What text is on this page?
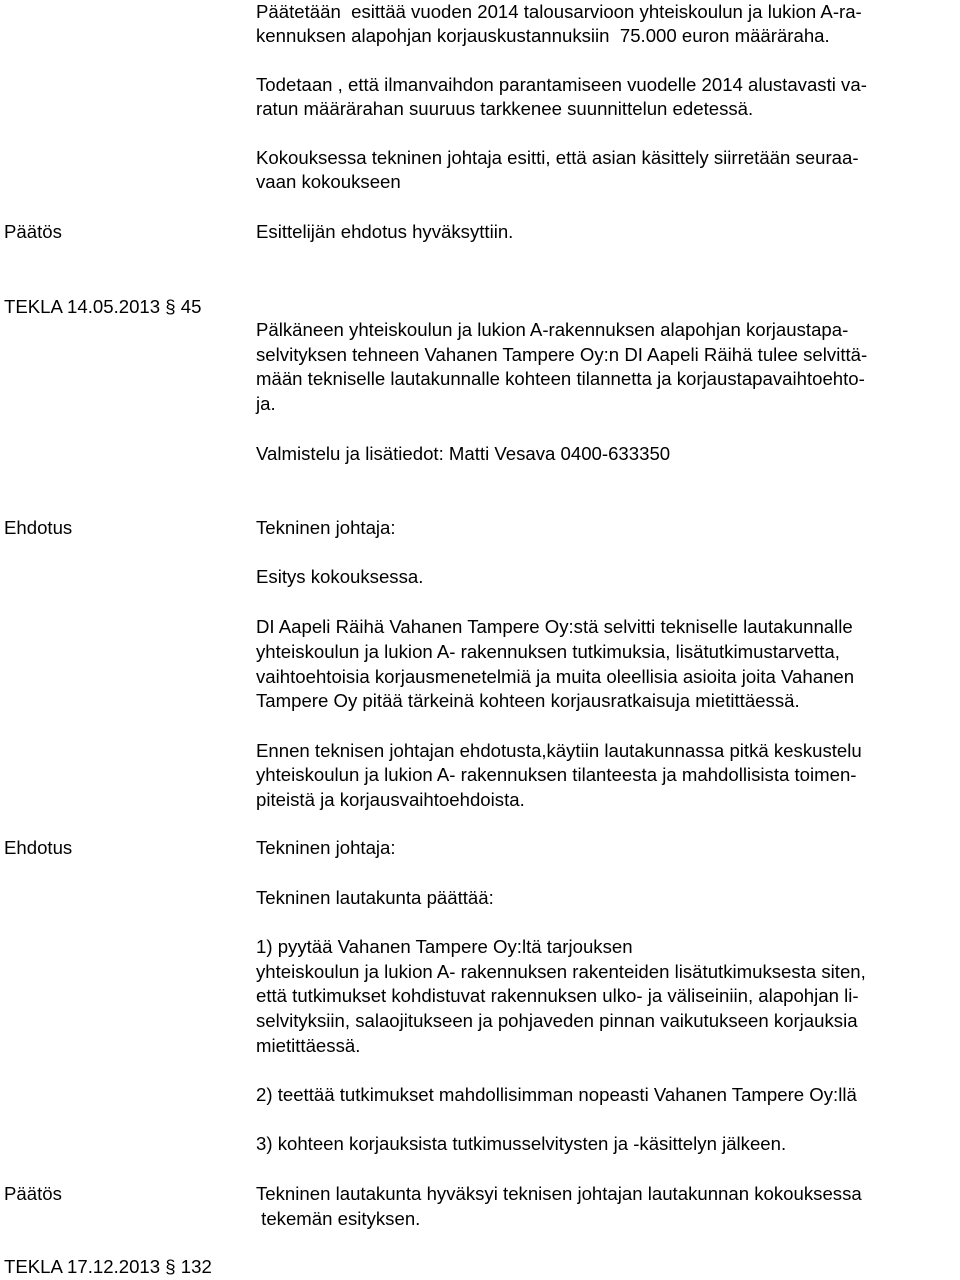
Päätetään  esittää vuoden 2014 talousarvioon yhteiskoulun ja lukion A-ra-
kennuksen alapohjan korjauskustannuksiin  75.000 euron määräraha.
Todetaan , että ilmanvaihdon parantamiseen vuodelle 2014 alustavasti va-
ratun määrärahan suuruus tarkkenee suunnittelun edetessä.
Kokouksessa tekninen johtaja esitti, että asian käsittely siirretään seuraa-
vaan kokoukseen
Päätös	Esittelijän ehdotus hyväksyttiin.
TEKLA 14.05.2013 § 45
Pälkäneen yhteiskoulun ja lukion A-rakennuksen alapohjan korjaustapa-
selvityksen tehneen Vahanen Tampere Oy:n DI Aapeli Räihä tulee selvittä-
mään tekniselle lautakunnalle kohteen tilannetta ja korjaustapavaihtoehto-
ja.
Valmistelu ja lisätiedot: Matti Vesava 0400-633350
Ehdotus	Tekninen johtaja:
Esitys kokouksessa.
DI Aapeli Räihä Vahanen Tampere Oy:stä selvitti tekniselle lautakunnalle
yhteiskoulun ja lukion A- rakennuksen tutkimuksia, lisätutkimustarvetta,
vaihtoehtoisia korjausmenetelmiä ja muita oleellisia asioita joita Vahanen
Tampere Oy pitää tärkeinä kohteen korjausratkaisuja mietittäessä.
Ennen teknisen johtajan ehdotusta,käytiin lautakunnassa pitkä keskustelu
yhteiskoulun ja lukion A- rakennuksen tilanteesta ja mahdollisista toimen-
piteistä ja korjausvaihtoehdoista.
Ehdotus	Tekninen johtaja:
Tekninen lautakunta päättää:
1) pyytää Vahanen Tampere Oy:ltä tarjouksen
yhteiskoulun ja lukion A- rakennuksen rakenteiden lisätutkimuksesta siten,
että tutkimukset kohdistuvat rakennuksen ulko- ja väliseiniin, alapohjan li-
selvityksiin, salaojitukseen ja pohjaveden pinnan vaikutukseen korjauksia
mietittäessä.
2) teettää tutkimukset mahdollisimman nopeasti Vahanen Tampere Oy:llä
3) kohteen korjauksista tutkimusselvitysten ja -käsittelyn jälkeen.
Päätös	Tekninen lautakunta hyväksyi teknisen johtajan lautakunnan kokouksessa
tekemän esityksen.
TEKLA 17.12.2013 § 132
